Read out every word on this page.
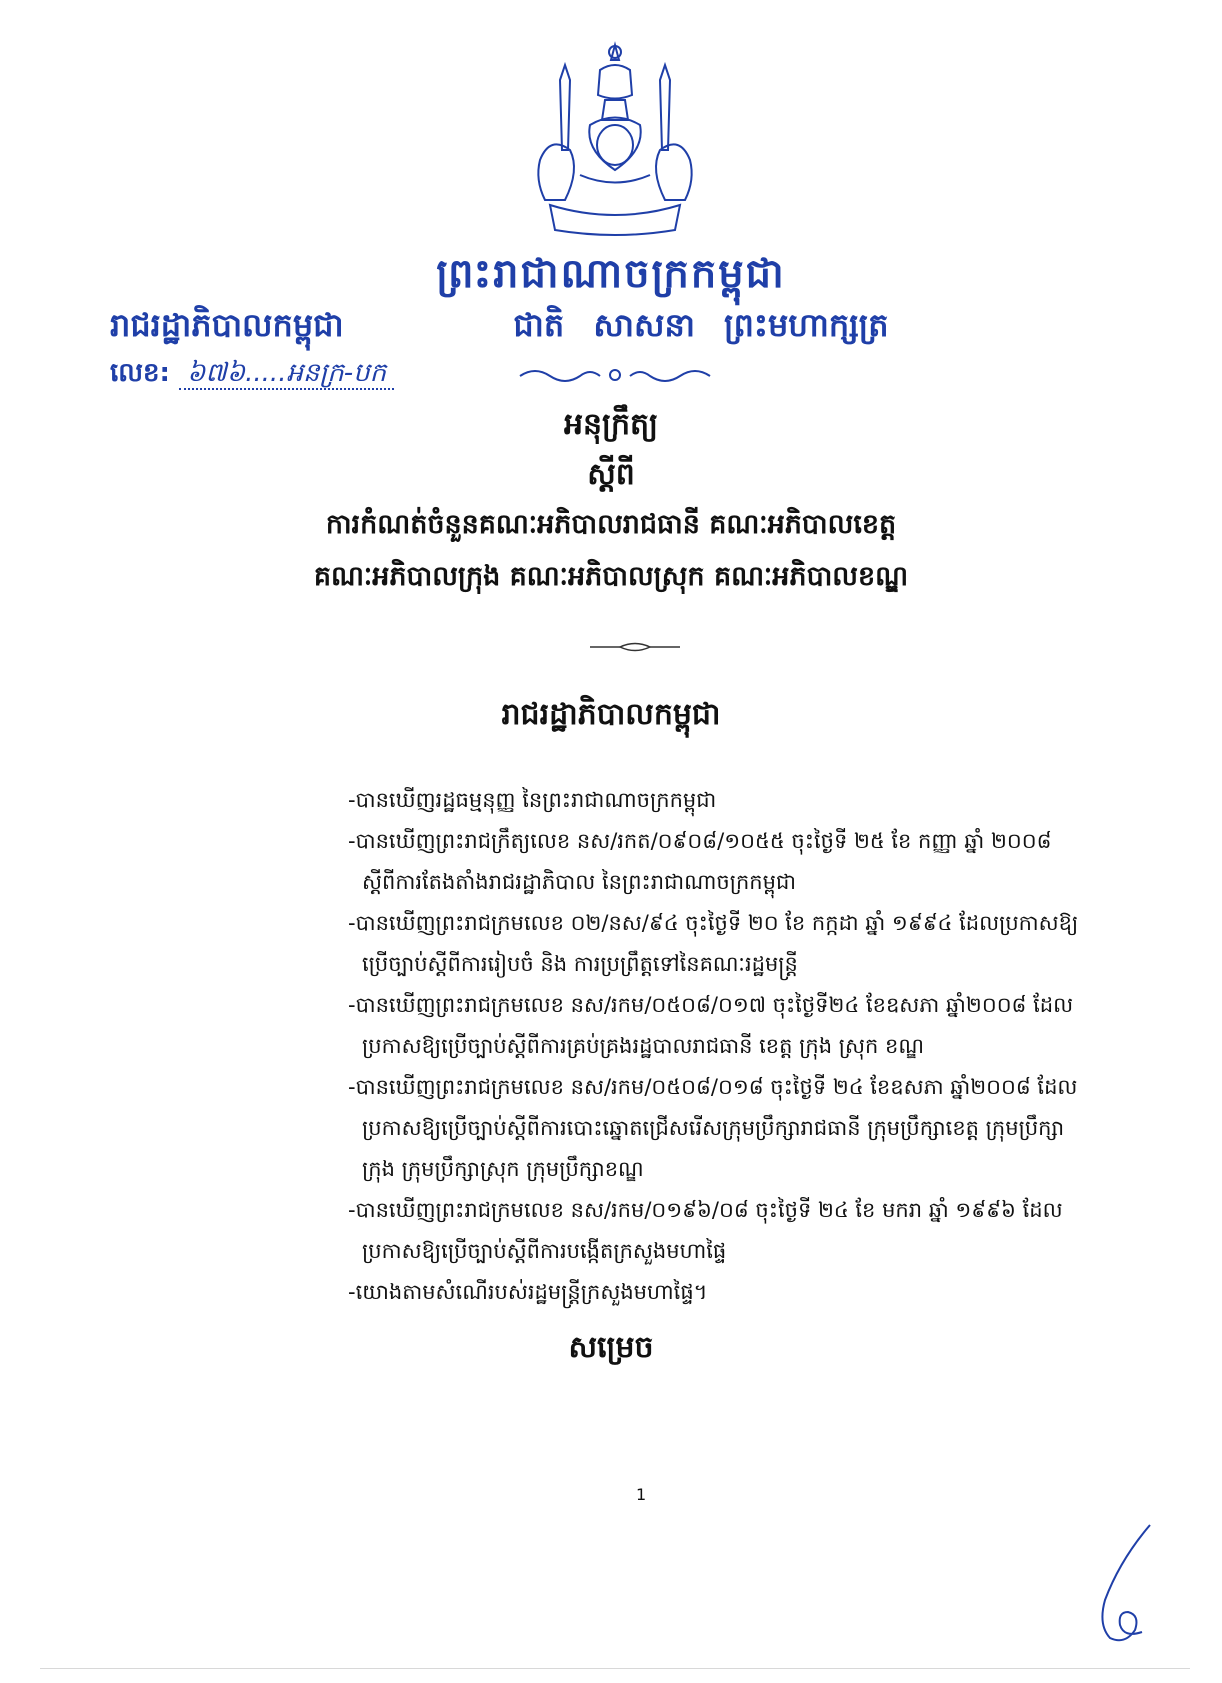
ព្រះរាជាណាចក្រកម្ពុជា
រាជរដ្ឋាភិបាលកម្ពុជា	ជាតិ សាសនា ព្រះមហាក្សត្រ
លេខ: ៦៧៦.....អនក្រ-បក
អនុក្រឹត្យ
ស្តីពី
ការកំណត់ចំនួនគណៈអភិបាលរាជធានី គណៈអភិបាលខេត្ត
គណៈអភិបាលក្រុង គណៈអភិបាលស្រុក គណៈអភិបាលខណ្ឌ
រាជរដ្ឋាភិបាលកម្ពុជា
-បានឃើញរដ្ឋធម្មនុញ្ញ នៃព្រះរាជាណាចក្រកម្ពុជា
-បានឃើញព្រះរាជក្រឹត្យលេខ នស/រកត/០៩០៨/១០៥៥ ចុះថ្ងៃទី ២៥ ខែ កញ្ញា ឆ្នាំ ២០០៨
ស្តីពីការតែងតាំងរាជរដ្ឋាភិបាល នៃព្រះរាជាណាចក្រកម្ពុជា
-បានឃើញព្រះរាជក្រមលេខ ០២/នស/៩៤ ចុះថ្ងៃទី ២០ ខែ កក្កដា ឆ្នាំ ១៩៩៤ ដែលប្រកាសឱ្យ
ប្រើច្បាប់ស្តីពីការរៀបចំ និង ការប្រព្រឹត្តទៅនៃគណៈរដ្ឋមន្ត្រី
-បានឃើញព្រះរាជក្រមលេខ នស/រកម/០៥០៨/០១៧ ចុះថ្ងៃទី២៤ ខែឧសភា ឆ្នាំ២០០៨ ដែល
ប្រកាសឱ្យប្រើច្បាប់ស្តីពីការគ្រប់គ្រងរដ្ឋបាលរាជធានី ខេត្ត ក្រុង ស្រុក ខណ្ឌ
-បានឃើញព្រះរាជក្រមលេខ នស/រកម/០៥០៨/០១៨ ចុះថ្ងៃទី ២៤ ខែឧសភា ឆ្នាំ២០០៨ ដែល
ប្រកាសឱ្យប្រើច្បាប់ស្តីពីការបោះឆ្នោតជ្រើសរើសក្រុមប្រឹក្សារាជធានី ក្រុមប្រឹក្សាខេត្ត ក្រុមប្រឹក្សា
ក្រុង ក្រុមប្រឹក្សាស្រុក ក្រុមប្រឹក្សាខណ្ឌ
-បានឃើញព្រះរាជក្រមលេខ នស/រកម/០១៩៦/០៨ ចុះថ្ងៃទី ២៤ ខែ មករា ឆ្នាំ ១៩៩៦ ដែល
ប្រកាសឱ្យប្រើច្បាប់ស្តីពីការបង្កើតក្រសួងមហាផ្ទៃ
-យោងតាមសំណើរបស់រដ្ឋមន្ត្រីក្រសួងមហាផ្ទៃ។
សម្រេច
1
